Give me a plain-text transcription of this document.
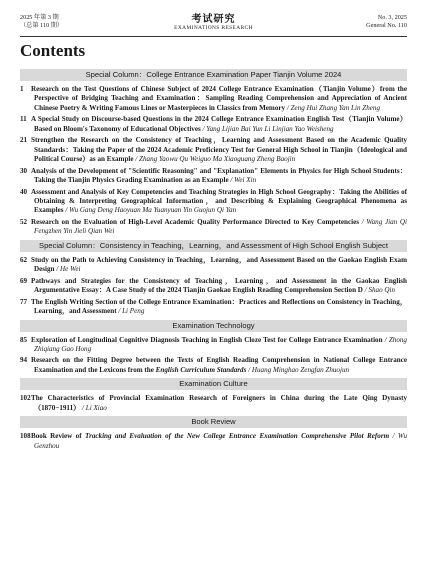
2025 年第 3 期
（总第 110 期）
考试研究
EXAMINATIONS RESEARCH
No. 3, 2025
General No. 110
Contents
Special Column：College Entrance Examination Paper Tianjin Volume 2024
1 Research on the Test Questions of Chinese Subject of 2024 College Entrance Examination（Tianjin Volume）from the Perspective of Bridging Teaching and Examination：Sampling Reading Comprehension and Appreciation of Ancient Chinese Poetry & Writing Famous Lines or Masterpieces in Classics from Memory / Zeng Hui Zhang Yan Lin Zheng
11 A Special Study on Discourse-based Questions in the 2024 College Entrance Examination English Test（Tianjin Volume）Based on Bloom′s Taxonomy of Educational Objectives / Yang Lijian Bai Yun Li Linjian Yao Weisheng
21 Strengthen the Research on the Consistency of Teaching，Learning and Assessment Based on the Academic Quality Standards：Taking the Paper of the 2024 Academic Proficiency Test for General High School in Tianjin（Ideological and Political Course）as an Example / Zhang Yaowu Qu Weiguo Ma Xiaoguang Zheng Baojin
30 Analysis of the Development of "Scientific Reasoning" and "Explanation" Elements in Physics for High School Students：Taking the Tianjin Physics Grading Examination as an Example / Wei Xin
40 Assessment and Analysis of Key Competencies and Teaching Strategies in High School Geography：Taking the Abilities of Obtaining & Interpreting Geographical Information，and Describing & Explaining Geographical Phenomena as Examples / Wu Gang Deng Haoyuan Ma Yuanyuan Yin Guojun Qi Yan
52 Research on the Evaluation of High-Level Academic Quality Performance Directed to Key Competencies / Wang Jian Qi Fengzhen Yin Jieli Qian Wei
Special Column：Consistency in Teaching，Learning，and Assessment of High School English Subject
62 Study on the Path to Achieving Consistency in Teaching，Learning，and Assessment Based on the Gaokao English Exam Design / He Wei
69 Pathways and Strategies for the Consistency of Teaching，Learning，and Assessment in the Gaokao English Argumentative Essay：A Case Study of the 2024 Tianjin Gaokao English Reading Comprehension Section D / Shao Qin
77 The English Writing Section of the College Entrance Examination：Practices and Reflections on Consistency in Teaching，Learning，and Assessment / Li Peng
Examination Technology
85 Exploration of Longitudinal Cognitive Diagnosis Teaching in English Cloze Test for College Entrance Examination / Zhong Zhiqiang Gao Hong
94 Research on the Fitting Degree between the Texts of English Reading Comprehension in National College Entrance Examination and the Lexicons from the English Curriculum Standards / Huang Minghao Zengfan Zhuojun
Examination Culture
102The Characteristics of Provincial Examination Research of Foreigners in China during the Late Qing Dynasty（1870−1911） / Li Xiao
Book Review
108Book Review of Tracking and Evaluation of the New College Entrance Examination Comprehensive Pilot Reform / Wu Genzhou
